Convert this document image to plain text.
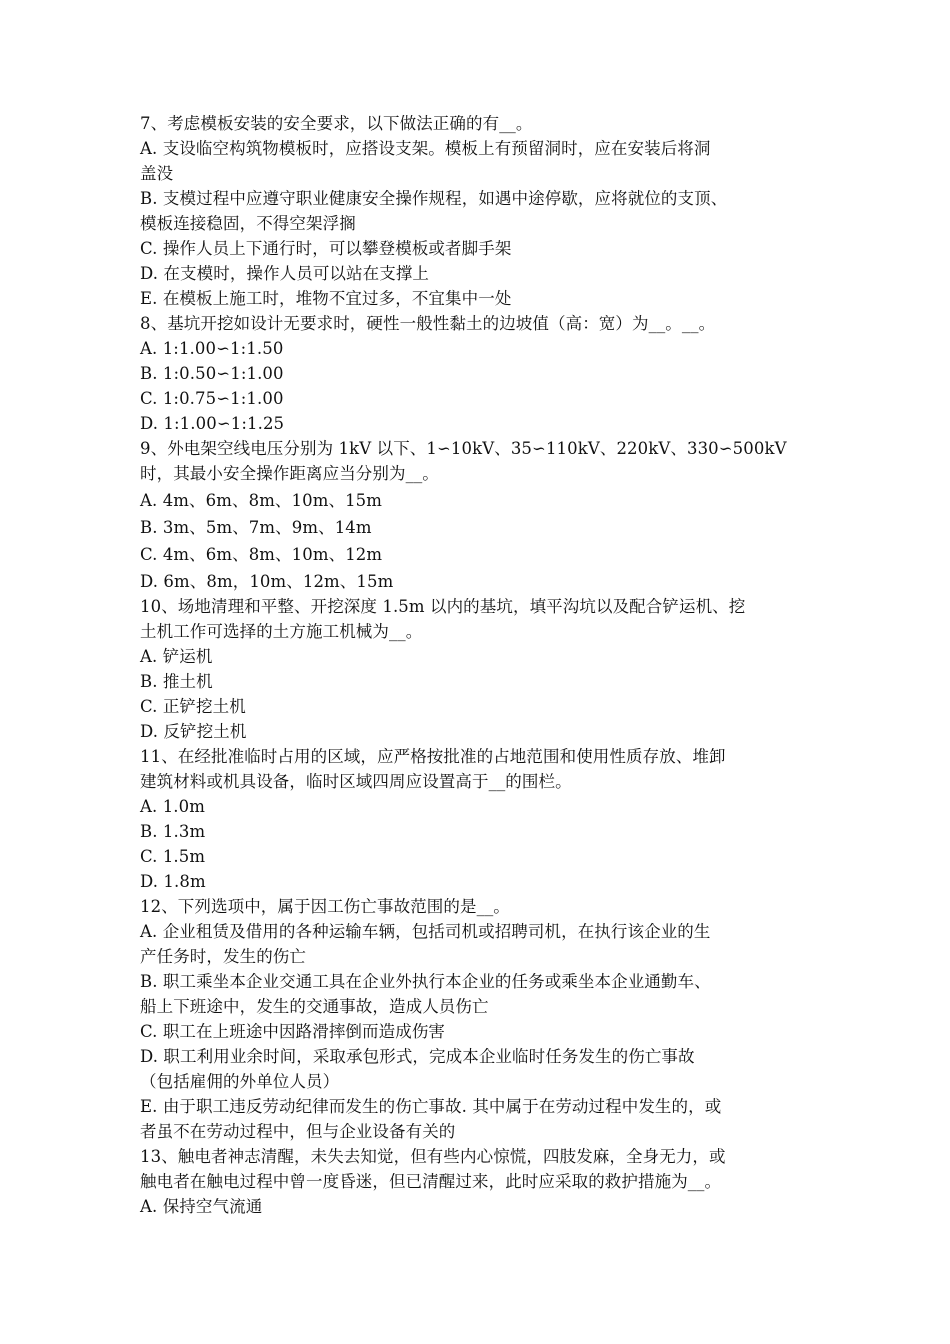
7、考虑模板安装的安全要求，以下做法正确的有__。
A. 支设临空构筑物模板时，应搭设支架。模板上有预留洞时，应在安装后将洞
盖没
B. 支模过程中应遵守职业健康安全操作规程，如遇中途停歇，应将就位的支顶、
模板连接稳固，不得空架浮搁
C. 操作人员上下通行时，可以攀登模板或者脚手架
D. 在支模时，操作人员可以站在支撑上
E. 在模板上施工时，堆物不宜过多，不宜集中一处
8、基坑开挖如设计无要求时，硬性一般性黏土的边坡值（高：宽）为__。__。
A. 1:1.00∽1:1.50
B. 1:0.50∽1:1.00
C. 1:0.75∽1:1.00
D. 1:1.00∽1:1.25
9、外电架空线电压分别为 1kV 以下、1∽10kV、35∽110kV、220kV、330∽500kV
时，其最小安全操作距离应当分别为__。
A. 4m、6m、8m、10m、15m
B. 3m、5m、7m、9m、14m
C. 4m、6m、8m、10m、12m
D. 6m、8m，10m、12m、15m
10、场地清理和平整、开挖深度 1.5m 以内的基坑，填平沟坑以及配合铲运机、挖
土机工作可选择的土方施工机械为__。
A. 铲运机
B. 推土机
C. 正铲挖土机
D. 反铲挖土机
11、在经批准临时占用的区域，应严格按批准的占地范围和使用性质存放、堆卸
建筑材料或机具设备，临时区域四周应设置高于__的围栏。
A. 1.0m
B. 1.3m
C. 1.5m
D. 1.8m
12、下列选项中，属于因工伤亡事故范围的是__。
A. 企业租赁及借用的各种运输车辆，包括司机或招聘司机，在执行该企业的生
产任务时，发生的伤亡
B. 职工乘坐本企业交通工具在企业外执行本企业的任务或乘坐本企业通勤车、
船上下班途中，发生的交通事故，造成人员伤亡
C. 职工在上班途中因路滑摔倒而造成伤害
D. 职工利用业余时间，采取承包形式，完成本企业临时任务发生的伤亡事故
（包括雇佣的外单位人员）
E. 由于职工违反劳动纪律而发生的伤亡事故. 其中属于在劳动过程中发生的，或
者虽不在劳动过程中，但与企业设备有关的
13、触电者神志清醒，未失去知觉，但有些内心惊慌，四肢发麻，全身无力，或
触电者在触电过程中曾一度昏迷，但已清醒过来，此时应采取的救护措施为__。
A. 保持空气流通
